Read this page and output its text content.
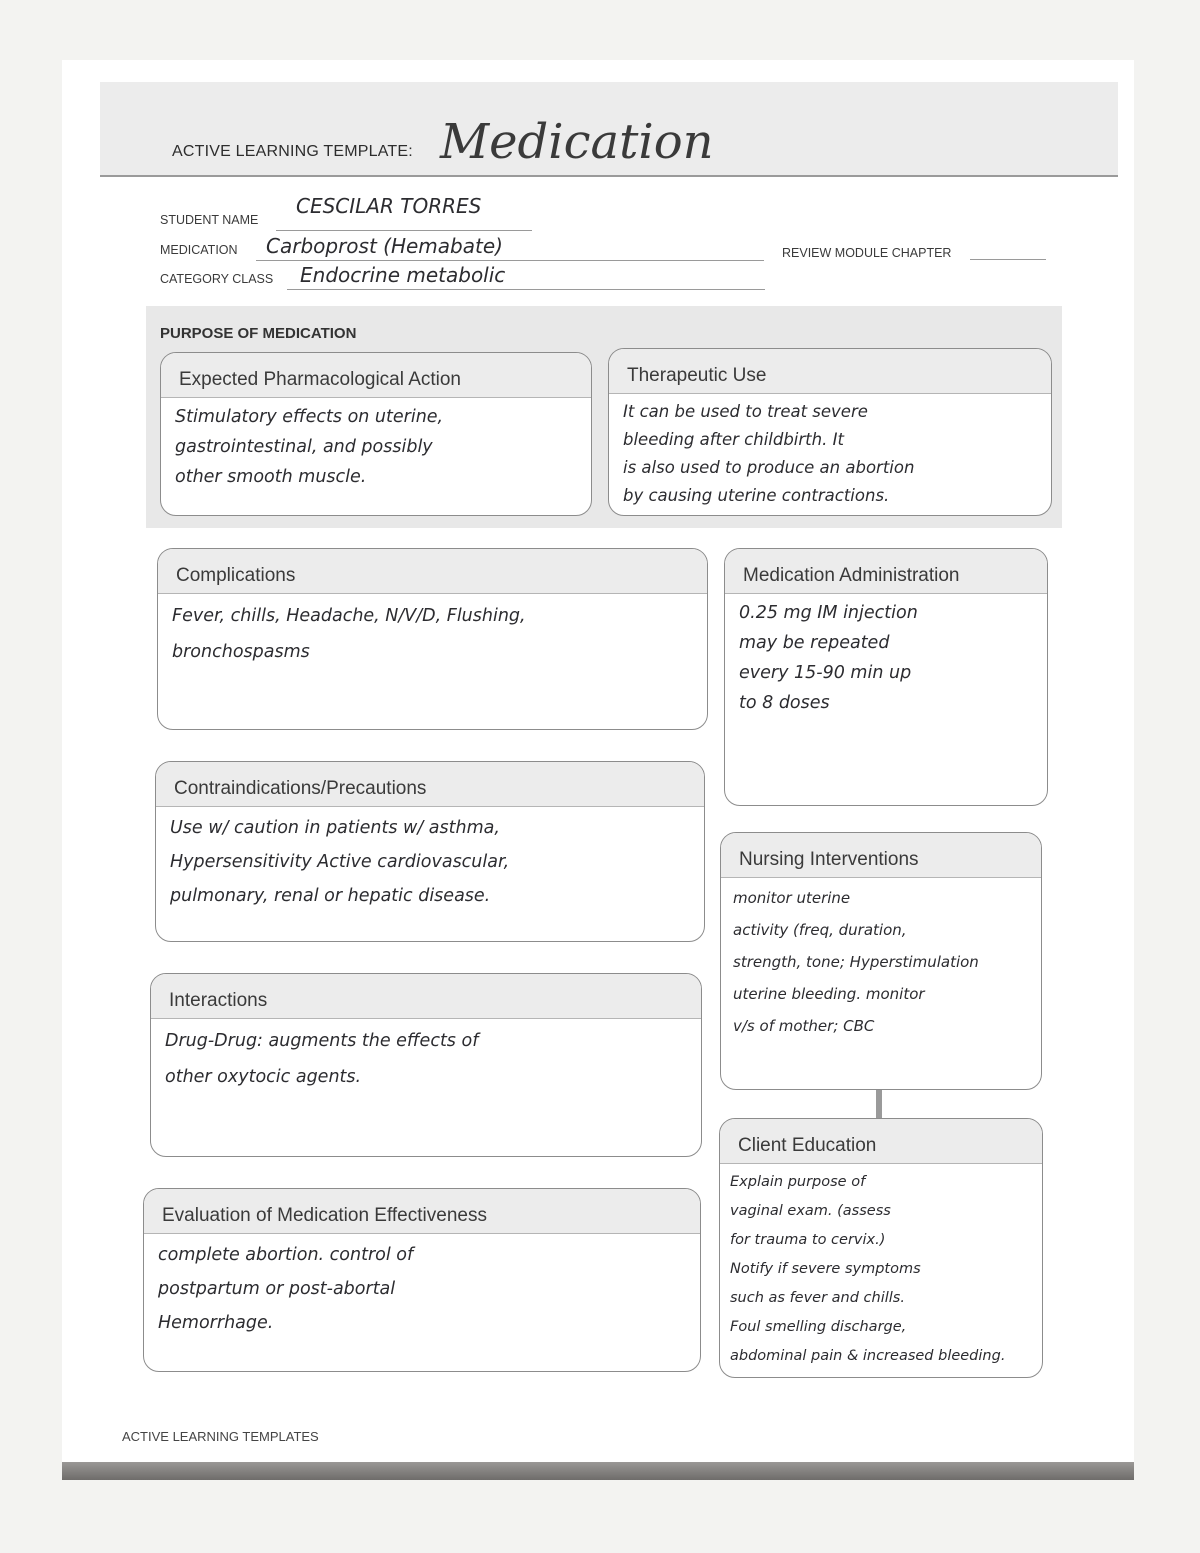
ACTIVE LEARNING TEMPLATE: Medication
STUDENT NAME
CESCILAR TORRES
MEDICATION Carboprost (Hemabate)
CATEGORY CLASS Endocrine metabolic
REVIEW MODULE CHAPTER
PURPOSE OF MEDICATION
Expected Pharmacological Action
Stimulatory effects on uterine,
gastrointestinal, and possibly
other smooth muscle.
Therapeutic Use
It can be used to treat severe
bleeding after childbirth. It
is also used to produce an abortion
by causing uterine contractions.
Complications
Fever, chills, Headache, N/V/D, Flushing,
bronchospasms
Contraindications/Precautions
Use w/ caution in patients w/ asthma,
Hypersensitivity Active cardiovascular,
pulmonary, renal or hepatic disease.
Interactions
Drug-Drug: augments the effects of
other oxytocic agents.
Evaluation of Medication Effectiveness
complete abortion. control of
postpartum or post-abortal
Hemorrhage.
Medication Administration
0.25 mg IM injection
may be repeated
every 15-90 min up
to 8 doses
Nursing Interventions
monitor uterine
activity (freq, duration,
strength, tone; Hyperstimulation
uterine bleeding. monitor
v/s of mother; CBC
Client Education
Explain purpose of
vaginal exam. (assess
for trauma to cervix.)
Notify if severe symptoms
such as fever and chills.
Foul smelling discharge,
abdominal pain & increased bleeding.
ACTIVE LEARNING TEMPLATES
